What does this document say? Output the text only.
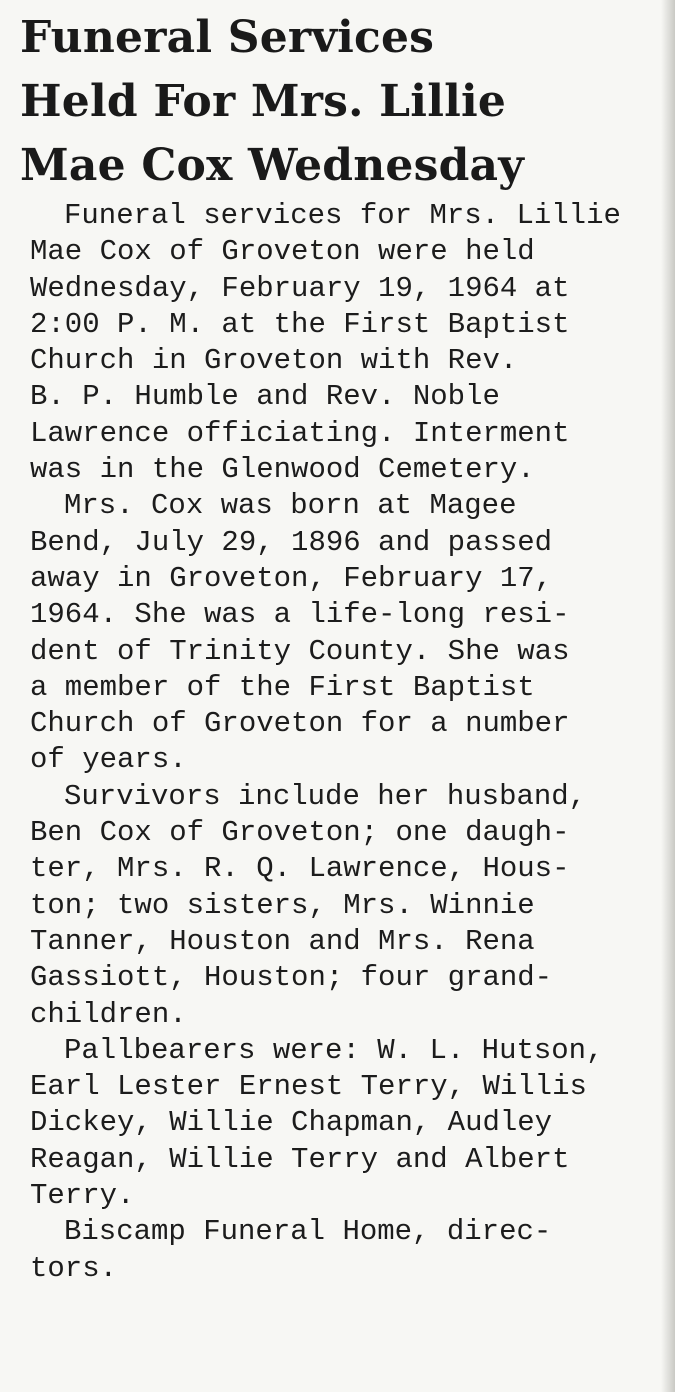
Funeral Services
Held For Mrs. Lillie
Mae Cox Wednesday

Funeral services for Mrs. Lillie
Mae Cox of Groveton were held
Wednesday, February 19, 1964 at
2:00 P. M. at the First Baptist
Church in Groveton with Rev.
B. P. Humble and Rev. Noble
Lawrence officiating. Interment
was in the Glenwood Cemetery.

Mrs. Cox was born at Magee
Bend, July 29, 1896 and passed
away in Groveton, February 17,
1964. She was a life-long resi-
dent of Trinity County. She was
a member of the First Baptist
Church of Groveton for a number
of years.

Survivors include her husband,
Ben Cox of Groveton; one daugh-
ter, Mrs. R. Q. Lawrence, Hous-
ton; two sisters, Mrs. Winnie
Tanner, Houston and Mrs. Rena
Gassiott, Houston; four grand-
children.

Pallbearers were: W. L. Hutson,
Earl Lester Ernest Terry, Willis
Dickey, Willie Chapman, Audley
Reagan, Willie Terry and Albert
Terry.

Biscamp Funeral Home, direc-
tors.
